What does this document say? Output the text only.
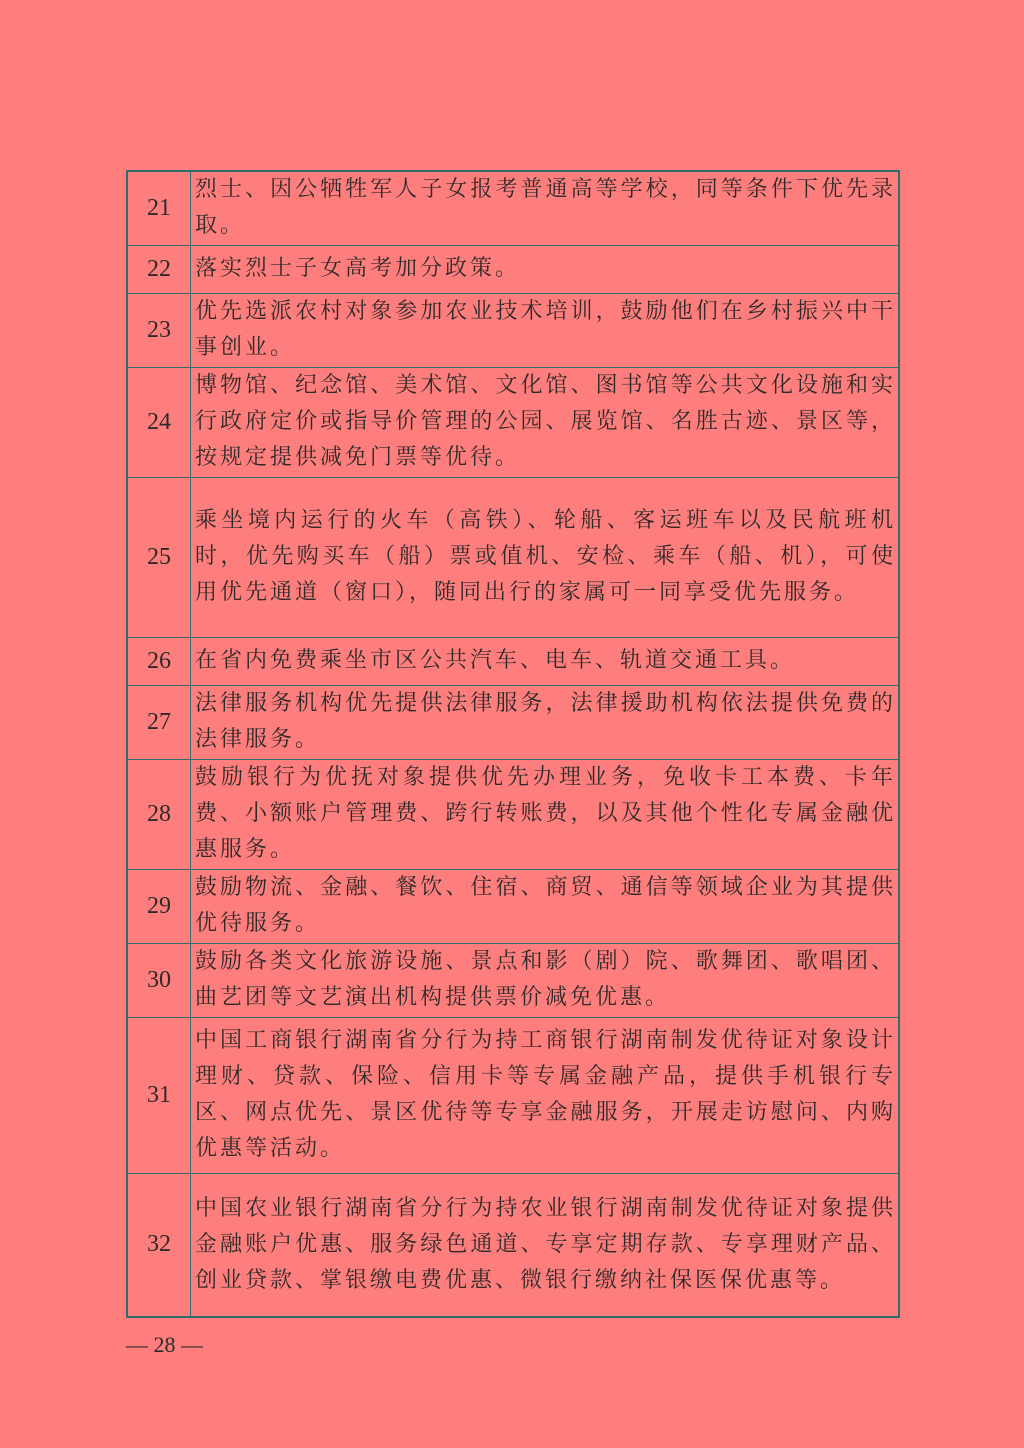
21	烈士、因公牺牲军人子女报考普通高等学校，同等条件下优先录取。
22	落实烈士子女高考加分政策。
23	优先选派农村对象参加农业技术培训，鼓励他们在乡村振兴中干事创业。
24	博物馆、纪念馆、美术馆、文化馆、图书馆等公共文化设施和实行政府定价或指导价管理的公园、展览馆、名胜古迹、景区等，按规定提供减免门票等优待。
25	乘坐境内运行的火车（高铁）、轮船、客运班车以及民航班机时，优先购买车（船）票或值机、安检、乘车（船、机），可使用优先通道（窗口），随同出行的家属可一同享受优先服务。
26	在省内免费乘坐市区公共汽车、电车、轨道交通工具。
27	法律服务机构优先提供法律服务，法律援助机构依法提供免费的法律服务。
28	鼓励银行为优抚对象提供优先办理业务，免收卡工本费、卡年费、小额账户管理费、跨行转账费，以及其他个性化专属金融优惠服务。
29	鼓励物流、金融、餐饮、住宿、商贸、通信等领域企业为其提供优待服务。
30	鼓励各类文化旅游设施、景点和影（剧）院、歌舞团、歌唱团、曲艺团等文艺演出机构提供票价减免优惠。
31	中国工商银行湖南省分行为持工商银行湖南制发优待证对象设计理财、贷款、保险、信用卡等专属金融产品，提供手机银行专区、网点优先、景区优待等专享金融服务，开展走访慰问、内购优惠等活动。
32	中国农业银行湖南省分行为持农业银行湖南制发优待证对象提供金融账户优惠、服务绿色通道、专享定期存款、专享理财产品、创业贷款、掌银缴电费优惠、微银行缴纳社保医保优惠等。
— 28 —
